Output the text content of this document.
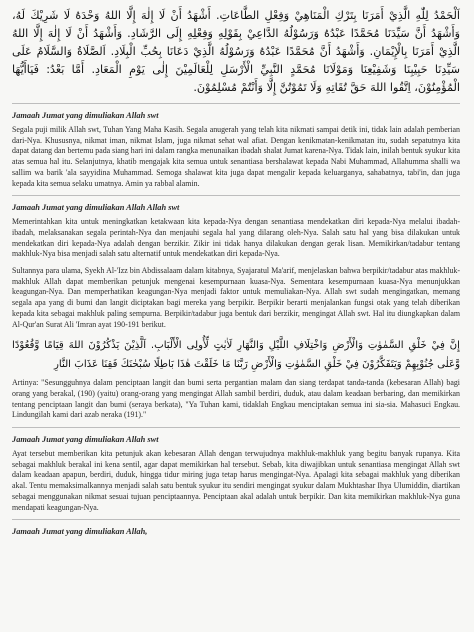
اَلْحَمْدُ لِلّٰهِ الَّذِيْ أَمَرَنَا بِتَرْكِ الْمَنَاهِيْ وَفِعْلِ الطَّاعَاتِ. أَشْهَدُ أَنْ لَا إِلٰهَ إِلَّا اللهُ وَحْدَهُ لَا شَرِيْكَ لَهُ، وَأَشْهَدُ أَنَّ سَيِّدَنَا مُحَمَّدًا عَبْدُهُ وَرَسُوْلُهُ الدَّاعِيْ بِقَوْلِهِ وَفِعْلِهِ إِلَى الرَّشَادِ. وَأَشْهَدُ أَنْ لَا إِلٰهَ إِلَّا اللهُ الَّذِيْ أَمَرَنَا بِالْإِيْمَانِ. وَأَشْهَدُ أَنَّ مُحَمَّدًا عَبْدُهُ وَرَسُوْلُهُ الَّذِيْ دَعَانَا بِحُبِّ الْبِلَادِ. اَلصَّلَاةُ وَالسَّلَامُ عَلَى سَيِّدِنَا حَبِيْبِنَا وَشَفِيْعِنَا وَمَوْلَانَا مُحَمَّدٍ النَّبِيِّ الْأَرْسَلِ لِلْعَالَمِيْنَ إِلٰى يَوْمِ الْمَعَادِ. أَمَّا بَعْدُ: فَيَاأَيُّهَا الْمُؤْمِنُوْنَ، اِتَّقُوا اللهَ حَقَّ تُقَاتِهِ وَلَا تَمُوْتُنَّ إِلَّا وَأَنْتُمْ مُسْلِمُوْنَ.

Jamaah Jumat yang dimuliakan Allah swt

Segala puji milik Allah swt, Tuhan Yang Maha Kasih. Segala anugerah yang telah kita nikmati sampai detik ini, tidak lain adalah pemberian dari-Nya. Khususnya, nikmat iman, nikmat Islam, juga nikmat sehat wal afiat. Dengan kenikmatan-kenikmatan itu, sudah sepatutnya kita dapat datang dan bertemu pada siang hari ini dalam rangka menunaikan ibadah shalat Jumat karena-Nya. Tidak lain, inilah bentuk syukur kita atas semua hal itu. Selanjutnya, khatib mengajak kita semua untuk senantiasa bershalawat kepada Nabi Muhammad, Allahumma shalli wa sallim wa barik 'ala sayyidina Muhammad. Semoga shalawat kita juga dapat mengalir kepada keluarganya, sahabatnya, tabi'in, dan juga kepada kita semua selaku umatnya. Amin ya rabbal alamin.

Jamaah Jumat yang dimuliakan Allah Allah swt

Memerintahkan kita untuk meningkatkan ketakwaan kita kepada-Nya dengan senantiasa mendekatkan diri kepada-Nya melalui ibadah-ibadah, melaksanakan segala perintah-Nya dan menjauhi segala hal yang dilarang oleh-Nya. Salah satu hal yang bisa dilakukan untuk mendekatkan diri kepada-Nya adalah dengan berzikir. Zikir ini tidak hanya dilakukan dengan gerak lisan. Memikirkan/tadabur tentang makhluk-Nya bisa menjadi salah satu alternatif untuk mendekatkan diri kepada-Nya.

Sultannya para ulama, Syekh Al-'Izz bin Abdissalaam dalam kitabnya, Syajaratul Ma'arif, menjelaskan bahwa berpikir/tadabur atas makhluk-makhluk Allah dapat memberikan petunjuk mengenai kesempurnaan kuasa-Nya. Sementara kesempurnaan kuasa-Nya menunjukkan keagungan-Nya. Dan memperhatikan keagungan-Nya menjadi faktor untuk memuliakan-Nya. Allah swt sudah mengingatkan, memang segala apa yang di bumi dan langit diciptakan bagi mereka yang berpikir. Berpikir berarti menjalankan fungsi otak yang telah diberikan kepada kita sebagai makhluk paling sempurna. Berpikir/tadabur juga bentuk dari berzikir, mengingat Allah swt. Hal itu diungkapkan dalam Al-Qur'an Surat Ali 'Imran ayat 190-191 berikut.

إِنَّ فِيْ خَلْقِ السَّمٰوٰتِ وَالْأَرْضِ وَاخْتِلَافِ اللَّيْلِ وَالنَّهَارِ لَاٰيٰتٍ لِّأُولِى الْأَلْبَابِ. اَلَّذِيْنَ يَذْكُرُوْنَ اللهَ قِيَامًا وَّقُعُوْدًا وَّعَلٰى جُنُوْبِهِمْ وَيَتَفَكَّرُوْنَ فِيْ خَلْقِ السَّمٰوٰتِ وَالْأَرْضِ رَبَّنَا مَا خَلَقْتَ هٰذَا بَاطِلًا سُبْحٰنَكَ فَقِنَا عَذَابَ النَّارِ

Artinya: "Sesungguhnya dalam penciptaan langit dan bumi serta pergantian malam dan siang terdapat tanda-tanda (kebesaran Allah) bagi orang yang berakal, (190) (yaitu) orang-orang yang mengingat Allah sambil berdiri, duduk, atau dalam keadaan berbaring, dan memikirkan tentang penciptaan langit dan bumi (seraya berkata), "Ya Tuhan kami, tidaklah Engkau menciptakan semua ini sia-sia. Mahasuci Engkau. Lindungilah kami dari azab neraka (191)."

Jamaah Jumat yang dimuliakan Allah swt

Ayat tersebut memberikan kita petunjuk akan kebesaran Allah dengan terwujudnya makhluk-makhluk yang begitu banyak rupanya. Kita sebagai makhluk berakal ini kena sentil, agar dapat memikirkan hal tersebut. Sebab, kita diwajibkan untuk senantiasa mengingat Allah swt dalam keadaan apapun, berdiri, duduk, hingga tidur miring juga tetap harus mengingat-Nya. Apalagi kita sebagai makhluk yang diberikan akal. Tentu memaksimalkannya menjadi salah satu bentuk syukur itu sendiri mengingat syukur dalam Mukhtashar Ihya Ulumiddin, diartikan sebagai menggunakan nikmat sesuai tujuan penciptaannya. Penciptaan akal adalah untuk berpikir. Dan kita memikirkan makhluk-Nya guna mendapati keagungan-Nya.

Jamaah Jumat yang dimuliakan Allah,
